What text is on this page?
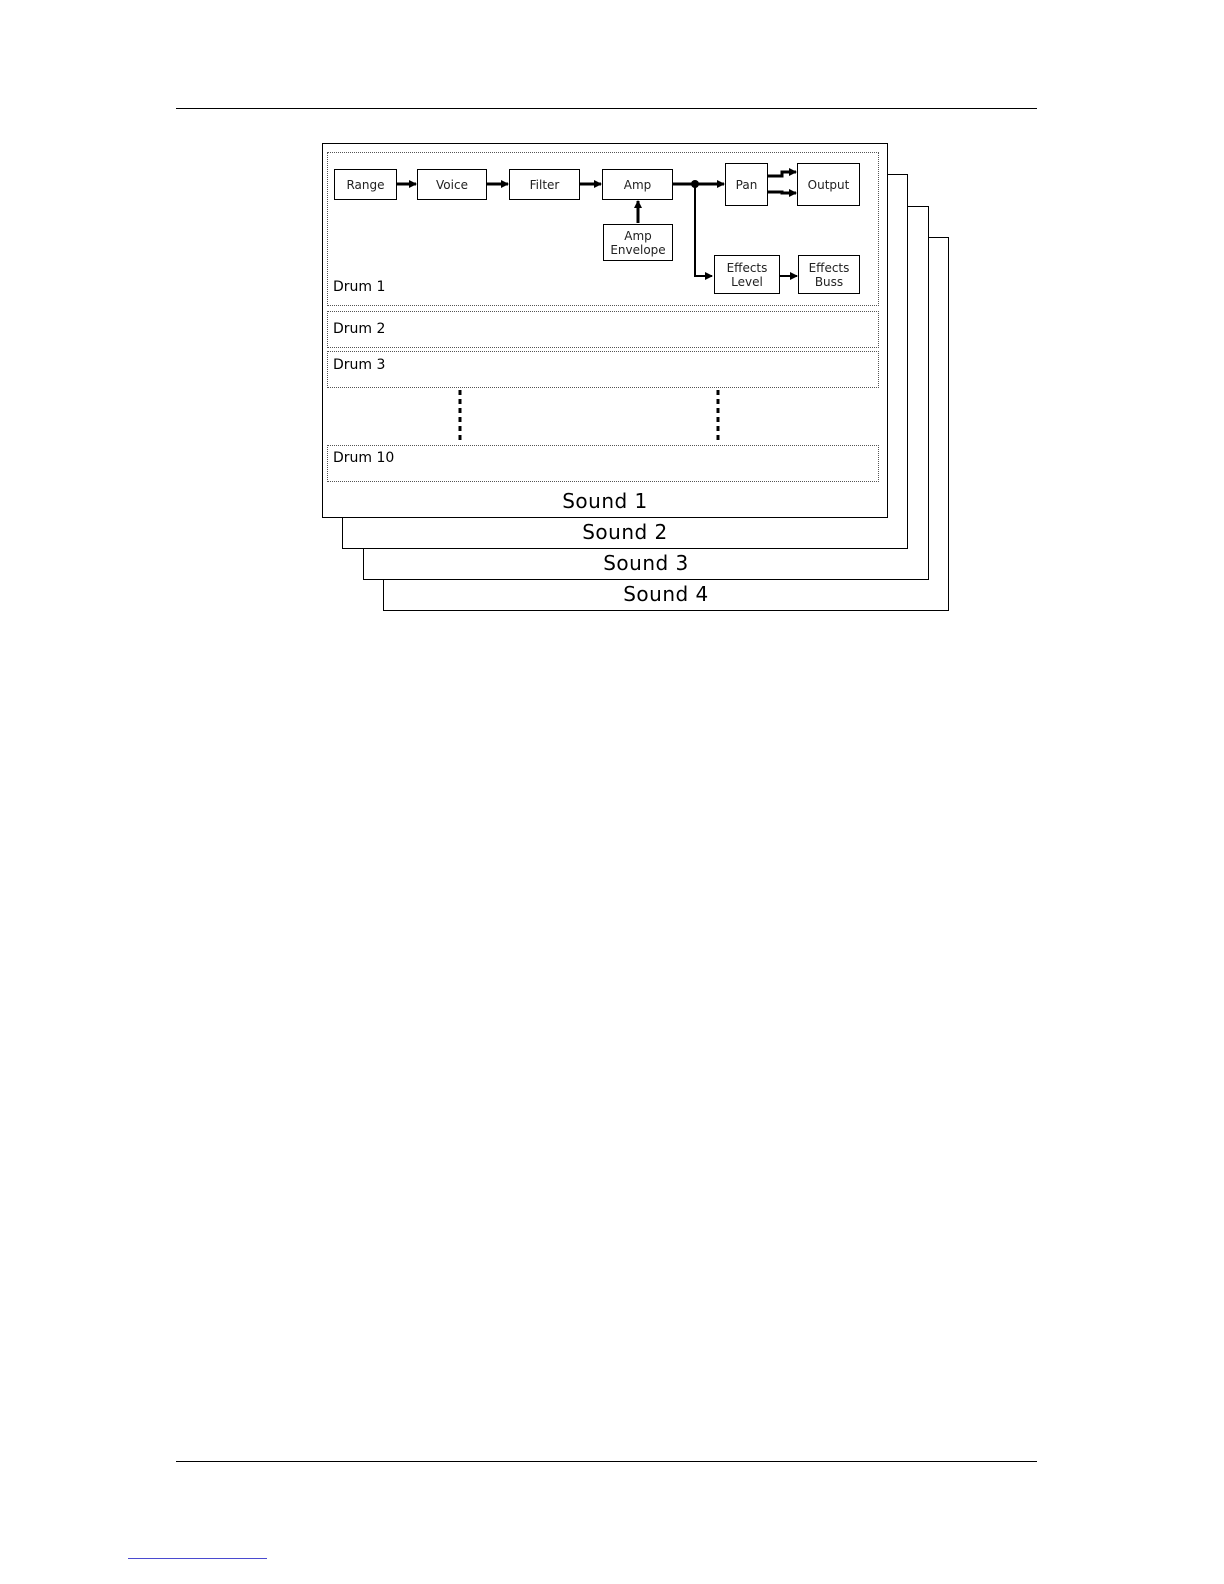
Sound 4
Sound 3
Sound 2
Sound 1
Drum 1
Drum 2
Drum 3
Drum 10
Range	Voice	Filter	Amp
Amp
Envelope
Pan	Output
Effects
Level
Effects
Buss
